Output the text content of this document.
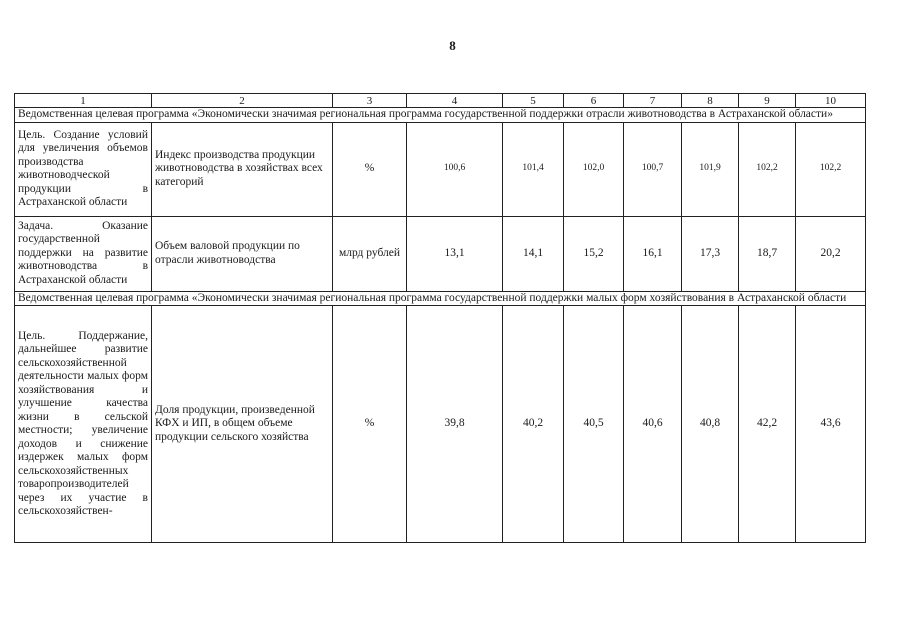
8
1	2	3	4	5	6	7	8	9	10
Ведомственная целевая программа «Экономически значимая региональная программа государственной поддержки отрасли животноводства в Астраханской области»									
Цель. Создание условий для увеличения объемов производства животноводческой продукции в Астраханской области	Индекс производства продукции животноводства в хозяйствах всех категорий	%	100,6	101,4	102,0	100,7	101,9	102,2	102,2
Задача. Оказание государственной поддержки на развитие животноводства в Астраханской области	Объем валовой продукции по отрасли животноводства	млрд рублей	13,1	14,1	15,2	16,1	17,3	18,7	20,2
Ведомственная целевая программа «Экономически значимая региональная программа государственной поддержки малых форм хозяйствования в Астраханской области									
Цель. Поддержание, дальнейшее развитие сельскохозяйственной деятельности малых форм хозяйствования и улучшение качества жизни в сельской местности; увеличение доходов и снижение издержек малых форм сельскохозяйственных товаропроизводителей через их участие в сельскохозяйствен-	Доля продукции, произведенной КФХ и ИП, в общем объеме продукции сельского хозяйства	%	39,8	40,2	40,5	40,6	40,8	42,2	43,6
